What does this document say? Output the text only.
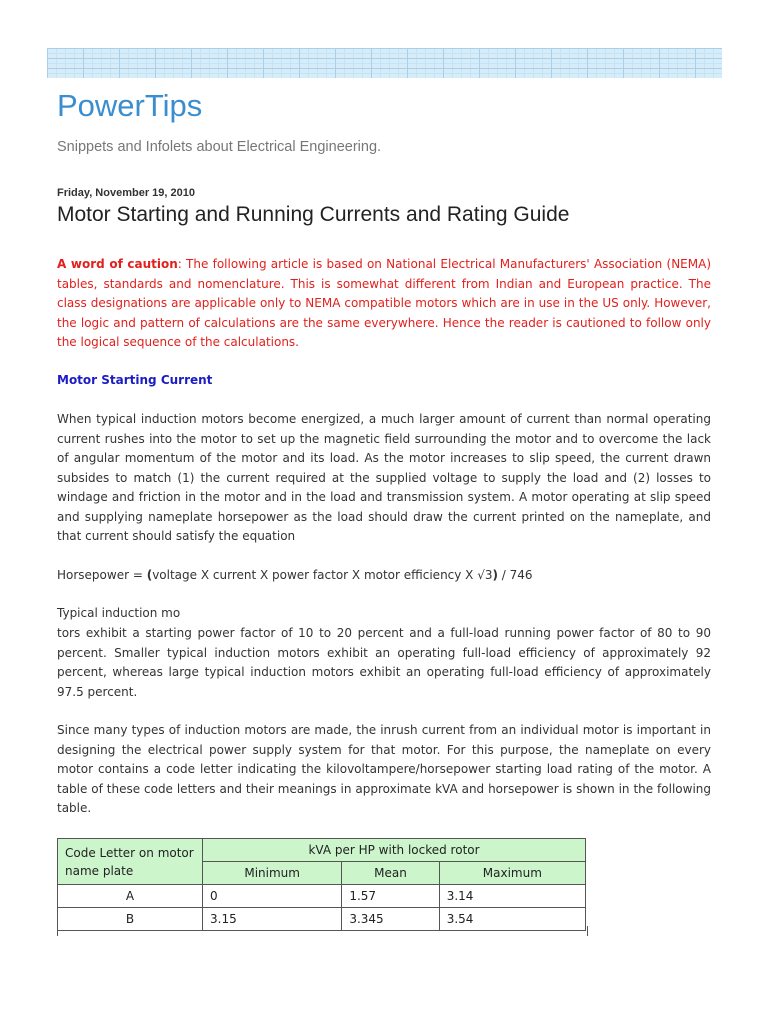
PowerTips

Snippets and Infolets about Electrical Engineering.

Friday, November 19, 2010
Motor Starting and Running Currents and Rating Guide

A word of caution: The following article is based on National Electrical Manufacturers' Association (NEMA) tables, standards and nomenclature. This is somewhat different from Indian and European practice. The class designations are applicable only to NEMA compatible motors which are in use in the US only. However, the logic and pattern of calculations are the same everywhere. Hence the reader is cautioned to follow only the logical sequence of the calculations.

Motor Starting Current

When typical induction motors become energized, a much larger amount of current than normal operating current rushes into the motor to set up the magnetic field surrounding the motor and to overcome the lack of angular momentum of the motor and its load. As the motor increases to slip speed, the current drawn subsides to match (1) the current required at the supplied voltage to supply the load and (2) losses to windage and friction in the motor and in the load and transmission system. A motor operating at slip speed and supplying nameplate horsepower as the load should draw the current printed on the nameplate, and that current should satisfy the equation

Horsepower = (voltage X current X power factor X motor efficiency X √3) / 746

Typical induction mo

tors exhibit a starting power factor of 10 to 20 percent and a full-load running power factor of 80 to 90 percent. Smaller typical induction motors exhibit an operating full-load efficiency of approximately 92 percent, whereas large typical induction motors exhibit an operating full-load efficiency of approximately 97.5 percent.

Since many types of induction motors are made, the inrush current from an individual motor is important in designing the electrical power supply system for that motor. For this purpose, the nameplate on every motor contains a code letter indicating the kilovoltampere/horsepower starting load rating of the motor. A table of these code letters and their meanings in approximate kVA and horsepower is shown in the following table.

Code Letter on motor name plate	kVA per HP with locked rotor		
	Minimum	Mean	Maximum
A	0	1.57	3.14
B	3.15	3.345	3.54
